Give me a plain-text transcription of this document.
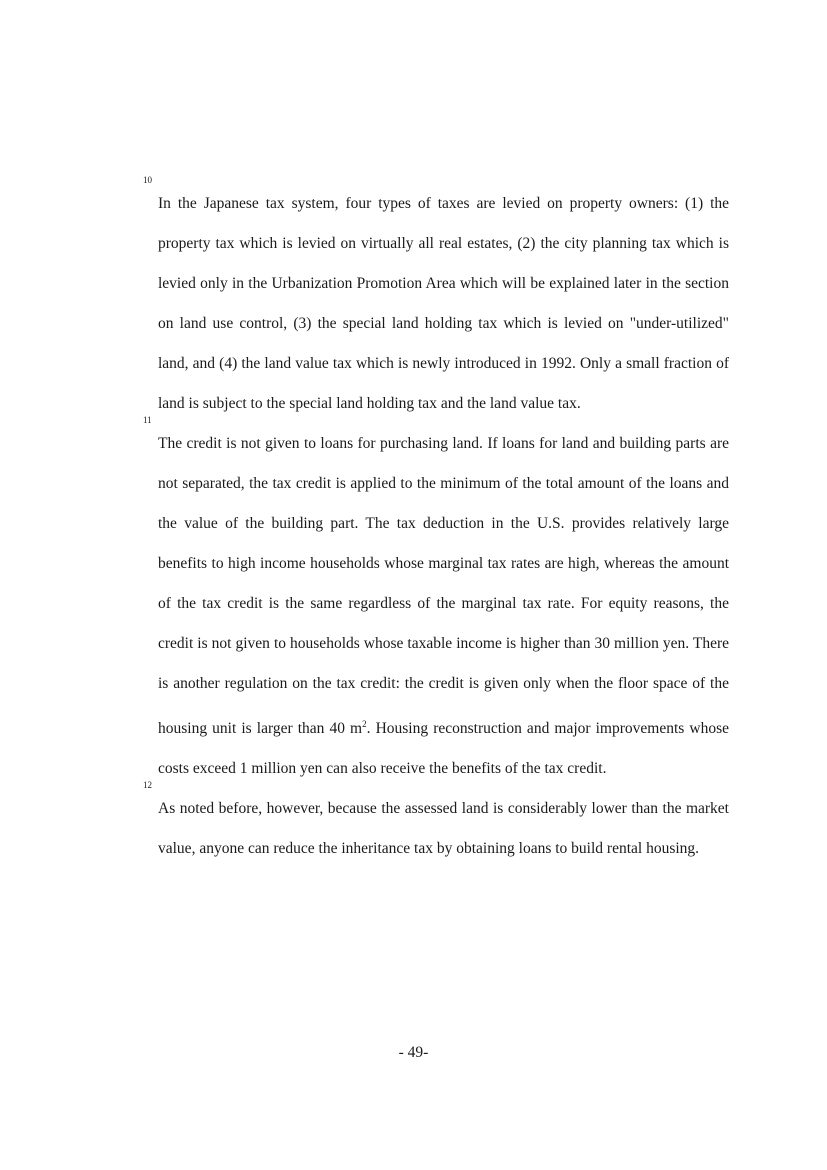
10
In the Japanese tax system, four types of taxes are levied on property owners: (1) the property tax which is levied on virtually all real estates, (2) the city planning tax which is levied only in the Urbanization Promotion Area which will be explained later in the section on land use control, (3) the special land holding tax which is levied on "under-utilized" land, and (4) the land value tax which is newly introduced in 1992. Only a small fraction of land is subject to the special land holding tax and the land value tax.

11
The credit is not given to loans for purchasing land. If loans for land and building parts are not separated, the tax credit is applied to the minimum of the total amount of the loans and the value of the building part. The tax deduction in the U.S. provides relatively large benefits to high income households whose marginal tax rates are high, whereas the amount of the tax credit is the same regardless of the marginal tax rate. For equity reasons, the credit is not given to households whose taxable income is higher than 30 million yen. There is another regulation on the tax credit: the credit is given only when the floor space of the housing unit is larger than 40 $m^2$. Housing reconstruction and major improvements whose costs exceed 1 million yen can also receive the benefits of the tax credit.

12
As noted before, however, because the assessed land is considerably lower than the market value, anyone can reduce the inheritance tax by obtaining loans to build rental housing.

- 49-
